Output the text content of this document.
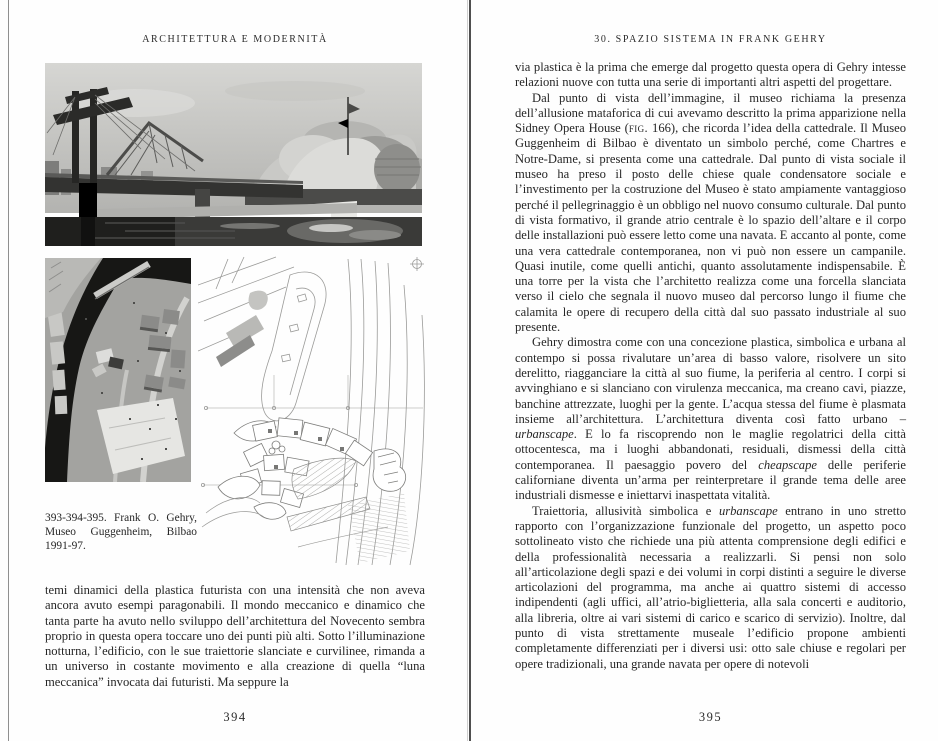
ARCHITETTURA E MODERNITÀ
393-394-395. Frank O. Gehry, Museo Guggenheim, Bilbao 1991-97.

temi dinamici della plastica futurista con una intensità che non aveva ancora avuto esempi paragonabili. Il mondo meccanico e dinamico che tanta parte ha avuto nello sviluppo dell’architettura del Novecento sembra proprio in questa opera toccare uno dei punti più alti. Sotto l’illuminazione notturna, l’edificio, con le sue traiettorie slanciate e curvilinee, rimanda a un universo in costante movimento e alla creazione di quella “luna meccanica” invocata dai futuristi. Ma seppure la

394
30. SPAZIO SISTEMA IN FRANK GEHRY

via plastica è la prima che emerge dal progetto questa opera di Gehry intesse relazioni nuove con tutta una serie di importanti altri aspetti del progettare.

Dal punto di vista dell’immagine, il museo richiama la presenza dell’allusione mataforica di cui avevamo descritto la prima apparizione nella Sidney Opera House (fig. 166), che ricorda l’idea della cattedrale. Il Museo Guggenheim di Bilbao è diventato un simbolo perché, come Chartres e Notre-Dame, si presenta come una cattedrale. Dal punto di vista sociale il museo ha preso il posto delle chiese quale condensatore sociale e l’investimento per la costruzione del Museo è stato ampiamente vantaggioso perché il pellegrinaggio è un obbligo nel nuovo consumo culturale. Dal punto di vista formativo, il grande atrio centrale è lo spazio dell’altare e il corpo delle installazioni può essere letto come una navata. E accanto al ponte, come una vera cattedrale contemporanea, non vi può non essere un campanile. Quasi inutile, come quelli antichi, quanto assolutamente indispensabile. È una torre per la vista che l’architetto realizza come una forcella slanciata verso il cielo che segnala il nuovo museo dal percorso lungo il fiume che calamita le opere di recupero della città dal suo passato industriale al suo presente.

Gehry dimostra come con una concezione plastica, simbolica e urbana al contempo si possa rivalutare un’area di basso valore, risolvere un sito derelitto, riagganciare la città al suo fiume, la periferia al centro. I corpi si avvinghiano e si slanciano con virulenza meccanica, ma creano cavi, piazze, banchine attrezzate, luoghi per la gente. L’acqua stessa del fiume è plasmata insieme all’architettura. L’architettura diventa così fatto urbano – urbanscape. E lo fa riscoprendo non le maglie regolatrici della città ottocentesca, ma i luoghi abbandonati, residuali, dismessi della città contemporanea. Il paesaggio povero del cheapscape delle periferie californiane diventa un’arma per reinterpretare il grande tema delle aree industriali dismesse e iniettarvi inaspettata vitalità.

Traiettoria, allusività simbolica e urbanscape entrano in uno stretto rapporto con l’organizzazione funzionale del progetto, un aspetto poco sottolineato visto che richiede una più attenta comprensione degli edifici e della professionalità necessaria a realizzarli. Si pensi non solo all’articolazione degli spazi e dei volumi in corpi distinti a seguire le diverse articolazioni del programma, ma anche ai quattro sistemi di accesso indipendenti (agli uffici, all’atrio-biglietteria, alla sala concerti e auditorio, alla libreria, oltre ai vari sistemi di carico e scarico di servizio). Inoltre, dal punto di vista strettamente museale l’edificio propone ambienti completamente differenziati per i diversi usi: otto sale chiuse e regolari per opere tradizionali, una grande navata per opere di notevoli

395
